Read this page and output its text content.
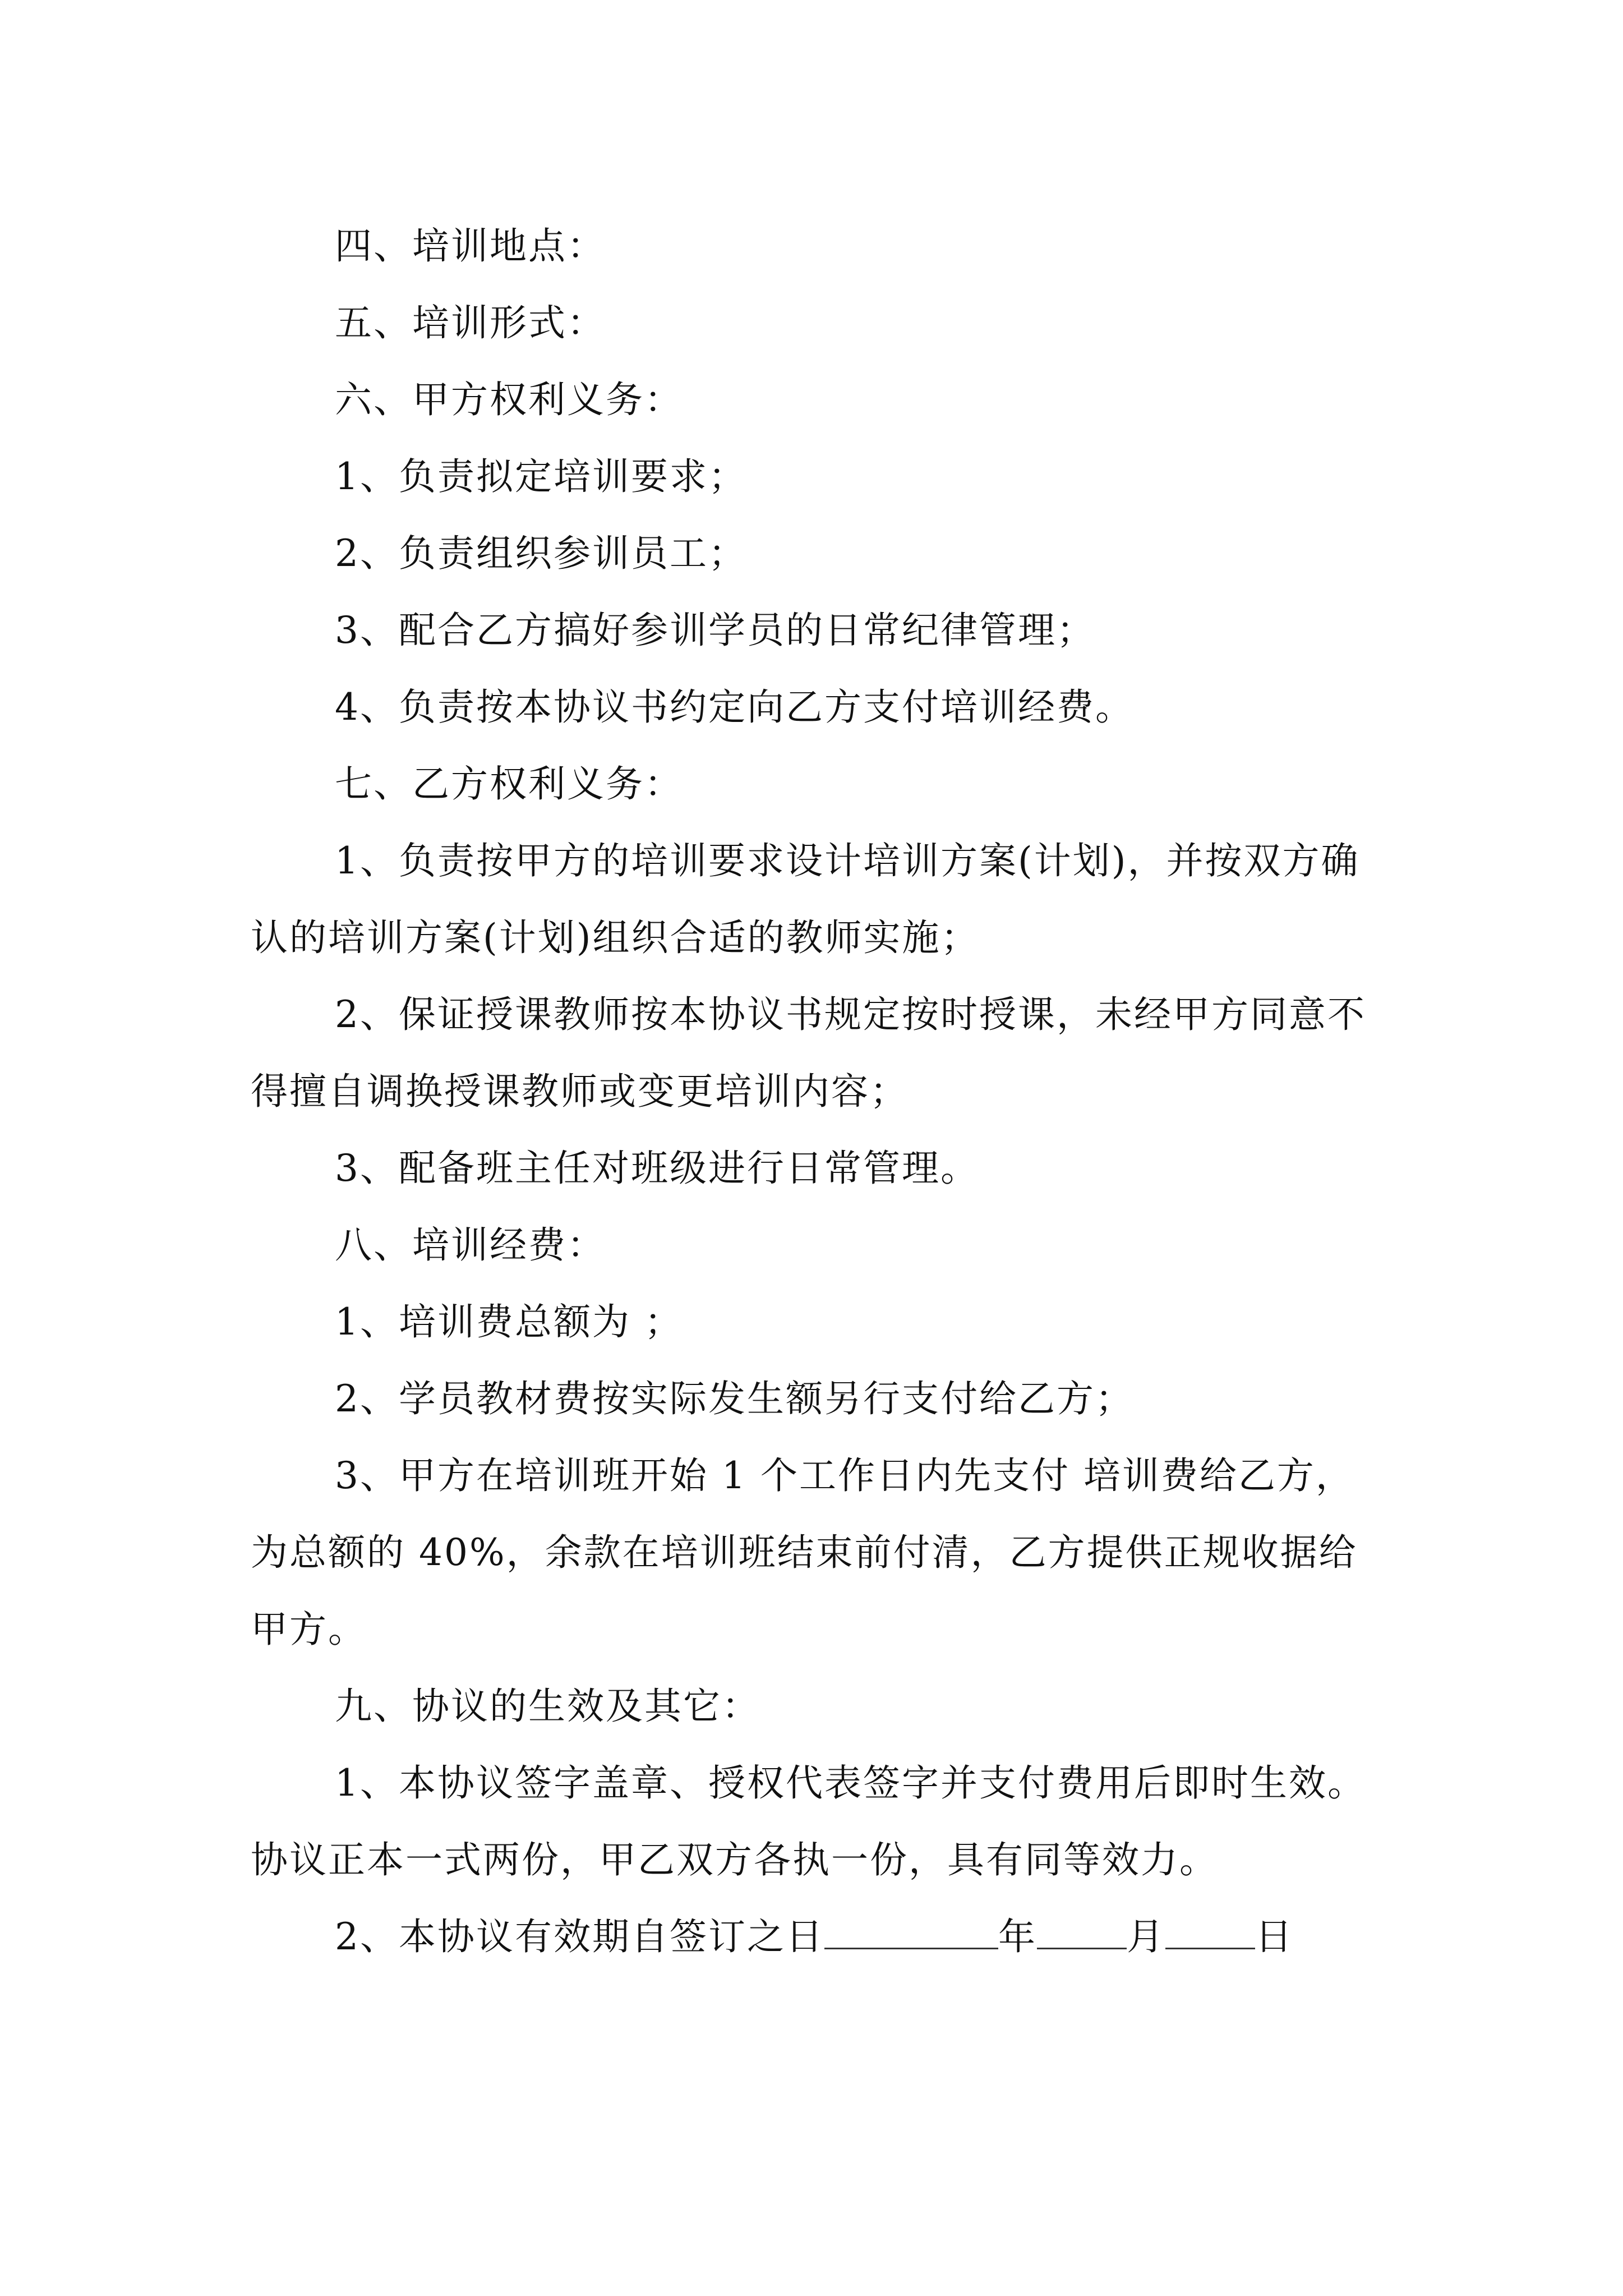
四、培训地点：

五、培训形式：

六、甲方权利义务：

1、负责拟定培训要求；

2、负责组织参训员工；

3、配合乙方搞好参训学员的日常纪律管理；

4、负责按本协议书约定向乙方支付培训经费。

七、乙方权利义务：

1、负责按甲方的培训要求设计培训方案(计划)，并按双方确认的培训方案(计划)组织合适的教师实施；

2、保证授课教师按本协议书规定按时授课，未经甲方同意不得擅自调换授课教师或变更培训内容；

3、配备班主任对班级进行日常管理。

八、培训经费：

1、培训费总额为 ；

2、学员教材费按实际发生额另行支付给乙方；

3、甲方在培训班开始 1 个工作日内先支付 培训费给乙方，为总额的 40%，余款在培训班结束前付清，乙方提供正规收据给甲方。

九、协议的生效及其它：

1、本协议签字盖章、授权代表签字并支付费用后即时生效。协议正本一式两份，甲乙双方各执一份，具有同等效力。

2、本协议有效期自签订之日	年 月 日
